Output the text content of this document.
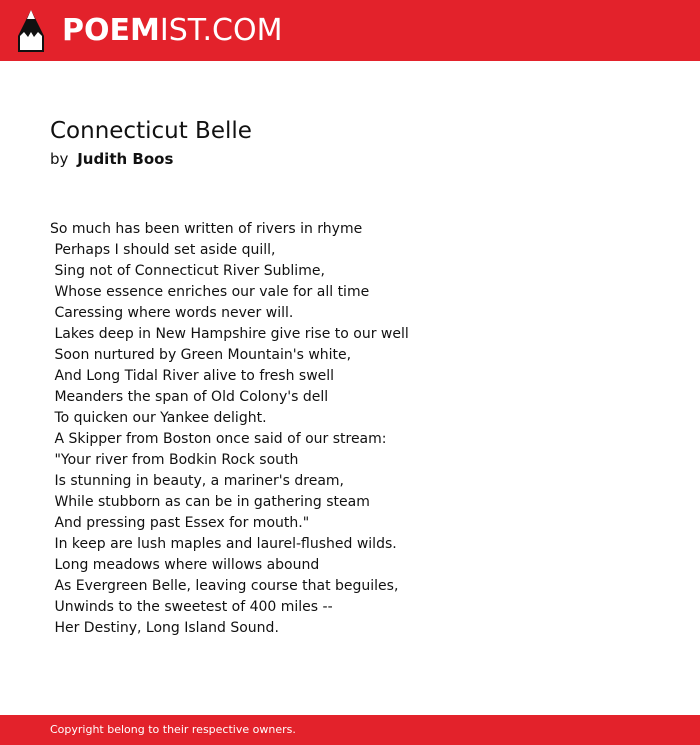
POEMIST.COM
Connecticut Belle
by Judith Boos
So much has been written of rivers in rhyme
Perhaps I should set aside quill,
Sing not of Connecticut River Sublime,
Whose essence enriches our vale for all time
Caressing where words never will.
Lakes deep in New Hampshire give rise to our well
Soon nurtured by Green Mountain's white,
And Long Tidal River alive to fresh swell
Meanders the span of Old Colony's dell
To quicken our Yankee delight.
A Skipper from Boston once said of our stream:
"Your river from Bodkin Rock south
Is stunning in beauty, a mariner's dream,
While stubborn as can be in gathering steam
And pressing past Essex for mouth."
In keep are lush maples and laurel-flushed wilds.
Long meadows where willows abound
As Evergreen Belle, leaving course that beguiles,
Unwinds to the sweetest of 400 miles --
Her Destiny, Long Island Sound.
Copyright belong to their respective owners.
